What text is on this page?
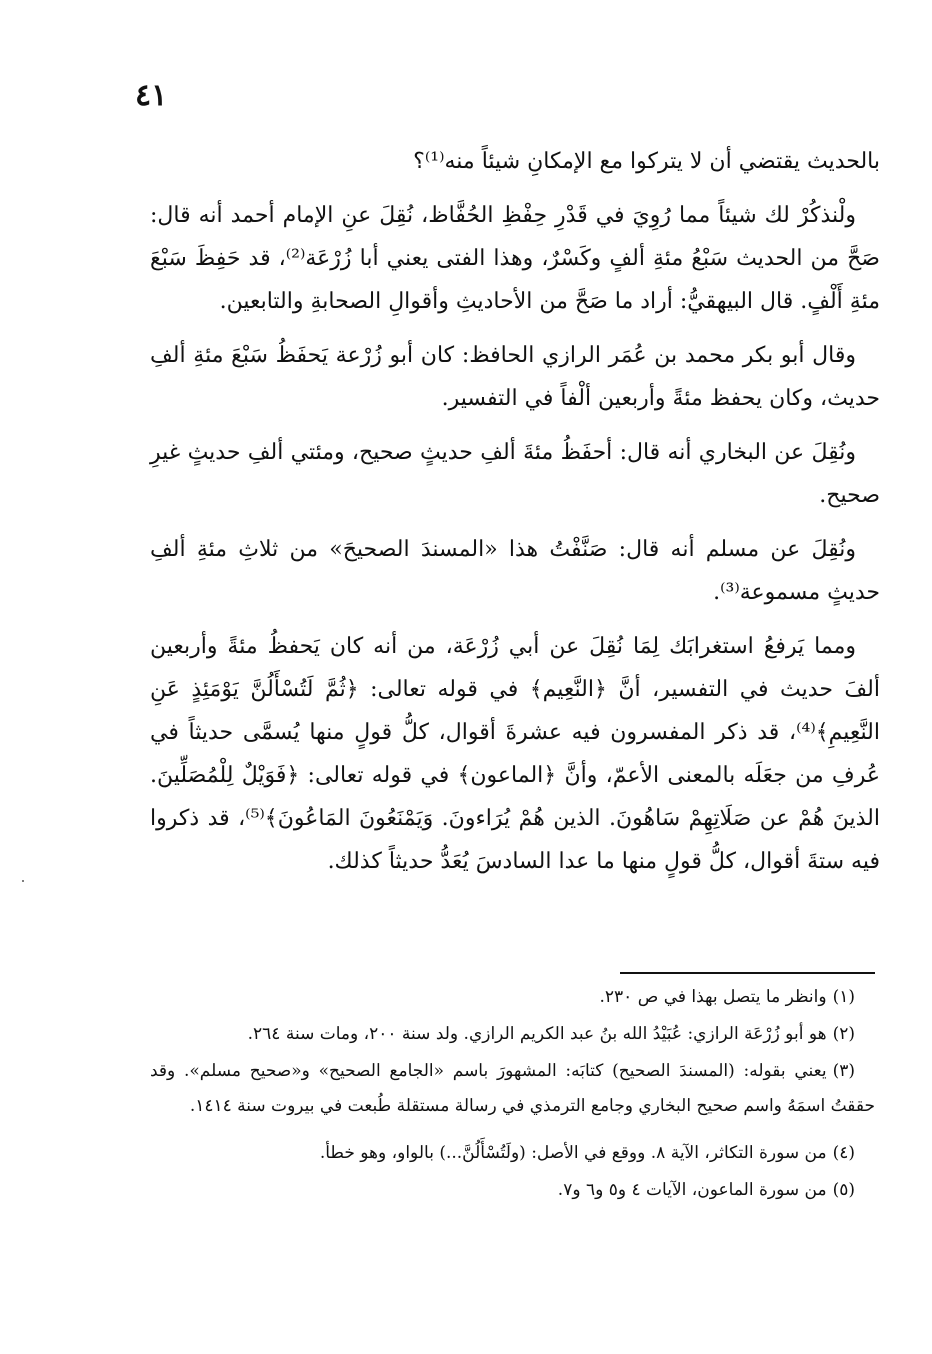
٤١

بالحديث يقتضي أن لا يتركوا مع الإمكانِ شيئاً منه⁽¹⁾؟

ولْنذكُرْ لك شيئاً مما رُوِيَ في قَدْرِ حِفْظِ الحُفَّاظ، نُقِلَ عنِ الإمام أحمد أنه قال: صَحَّ من الحديث سَبْعُ مئةِ ألفٍ وكَسْرٌ، وهذا الفتى يعني أبا زُرْعَة⁽²⁾، قد حَفِظَ سَبْعَ مئةِ أَلْفٍ. قال البيهقيُّ: أراد ما صَحَّ من الأحاديثِ وأقوالِ الصحابةِ والتابعين.

وقال أبو بكر محمد بن عُمَر الرازي الحافظ: كان أبو زُرْعة يَحفَظُ سَبْعَ مئةِ ألفِ حديث، وكان يحفظ مئةً وأربعين ألْفاً في التفسير.

ونُقِلَ عن البخاري أنه قال: أحفَظُ مئةَ ألفِ حديثٍ صحيح، ومئتي ألفِ حديثٍ غيرِ صحيح.

ونُقِلَ عن مسلم أنه قال: صَنَّفْتُ هذا «المسندَ الصحيحَ» من ثلاثِ مئةِ ألفِ حديثٍ مسموعة⁽³⁾.

ومما يَرفعُ استغرابَك لِمَا نُقِلَ عن أبي زُرْعَة، من أنه كان يَحفظُ مئةً وأربعين ألفَ حديث في التفسير، أنَّ ﴿النَّعِيم﴾ في قوله تعالى: ﴿ثُمَّ لَتُسْأَلُنَّ يَوْمَئِذٍ عَنِ النَّعِيمِ﴾⁽⁴⁾، قد ذكر المفسرون فيه عشرةَ أقوال، كلُّ قولٍ منها يُسمَّى حديثاً في عُرفِ من جعَلَه بالمعنى الأعمّ، وأنَّ ﴿الماعون﴾ في قوله تعالى: ﴿فَوَيْلٌ لِلْمُصَلِّينَ. الذينَ هُمْ عن صَلَاتِهِمْ سَاهُونَ. الذين هُمْ يُرَاءونَ. وَيَمْنَعُونَ المَاعُونَ﴾⁽⁵⁾، قد ذكروا فيه ستةَ أقوال، كلُّ قولٍ منها ما عدا السادسَ يُعَدُّ حديثاً كذلك.

(١)وانظر ما يتصل بهذا في ص ٢٣٠.
(٢)هو أبو زُرْعَة الرازي: عُبَيْدُ الله بنُ عبد الكريم الرازي. ولد سنة ٢٠٠، ومات سنة ٢٦٤.
(٣)يعني بقوله: (المسندَ الصحيح) كتابَه: المشهورَ باسم «الجامع الصحيح» و«صحيح مسلم». وقد حققتُ اسمَهُ واسم صحيح البخاري وجامع الترمذي في رسالة مستقلة طُبعت في بيروت سنة ١٤١٤.
(٤)من سورة التكاثر، الآية ٨. ووقع في الأصل: (ولَتُسْأَلُنَّ...) بالواو، وهو خطأ.
(٥)من سورة الماعون، الآيات ٤ و٥ و٦ و٧.
